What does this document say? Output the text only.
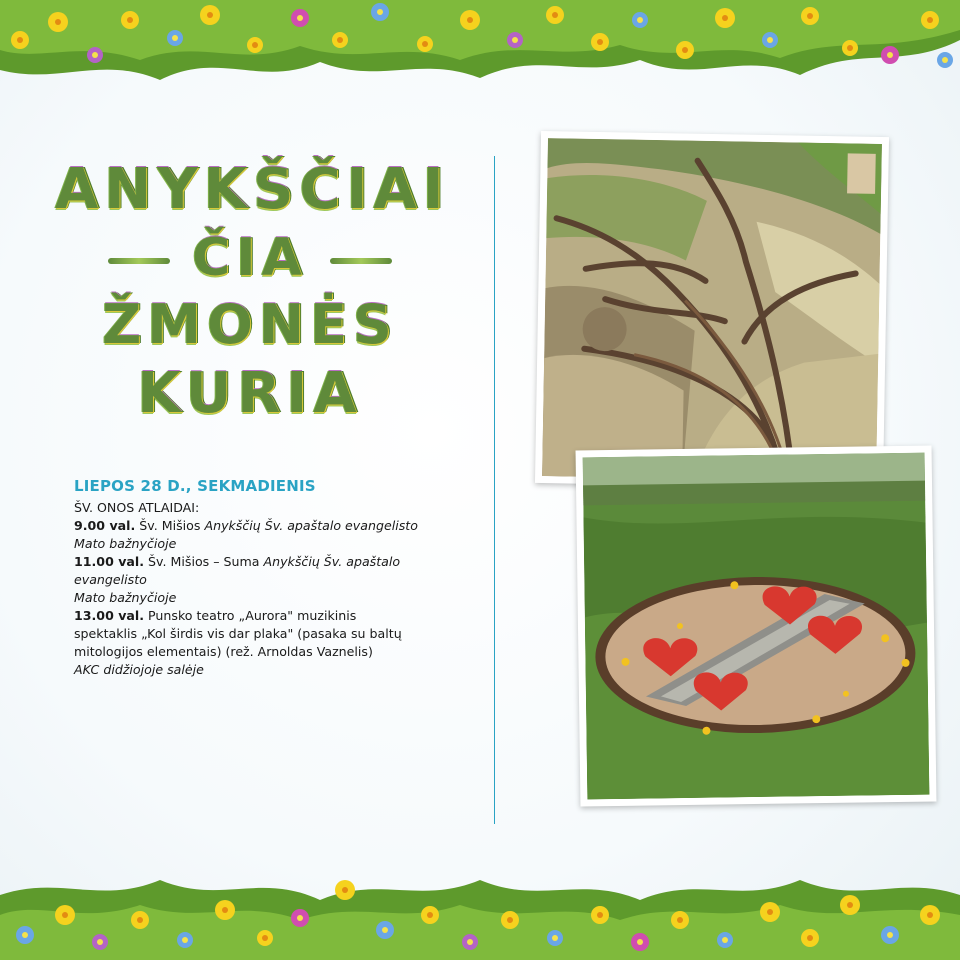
ANYKŠČIAI
ČIA
ŽMONĖS
KURIA
LIEPOS 28 D., SEKMADIENIS
ŠV. ONOS ATLAIDAI:
9.00 val. Šv. Mišios Anykščių Šv. apaštalo evangelisto
Mato bažnyčioje
11.00 val. Šv. Mišios – Suma Anykščių Šv. apaštalo evangelisto
Mato bažnyčioje
13.00 val. Punsko teatro „Aurora" muzikinis
spektaklis „Kol širdis vis dar plaka" (pasaka su baltų
mitologijos elementais) (rež. Arnoldas Vaznelis)
AKC didžiojoje salėje
